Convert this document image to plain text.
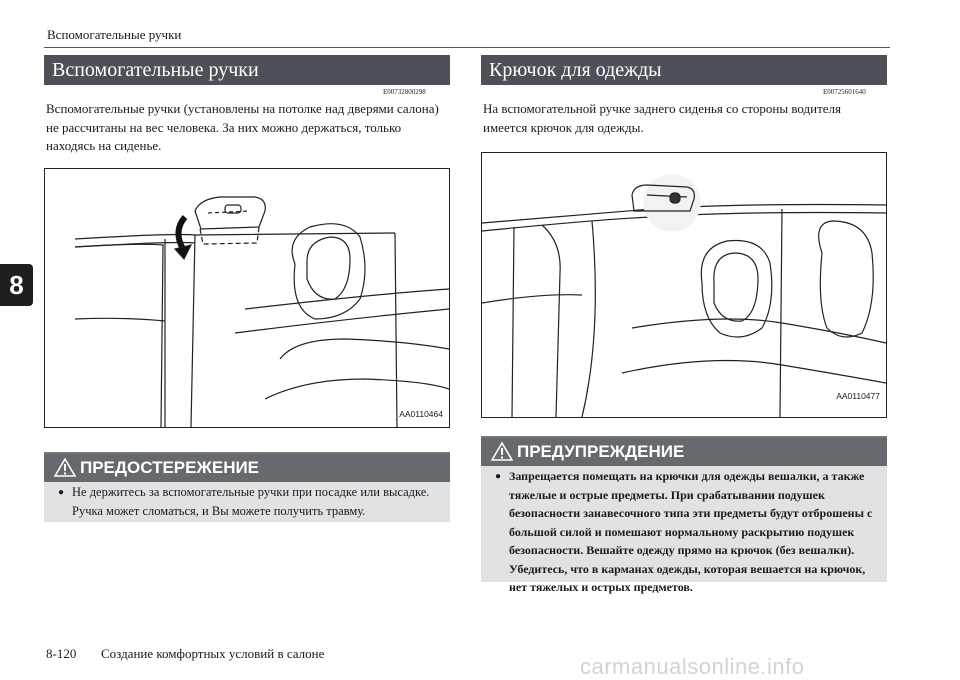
Вспомогательные ручки
8
Вспомогательные ручки
E00732800298
Вспомогательные ручки (установлены на потолке над дверями салона) не рассчитаны на вес человека. За них можно держаться, только находясь на сиденье.
AA0110464
ПРЕДОСТЕРЕЖЕНИЕ
● Не держитесь за вспомогательные ручки при посадке или высадке. Ручка может сломаться, и Вы можете получить травму.
Крючок для одежды
E00725601640
На вспомогательной ручке заднего сиденья со стороны водителя имеется крючок для одежды.
AA0110477
ПРЕДУПРЕЖДЕНИЕ
● Запрещается помещать на крючки для одежды вешалки, а также тяжелые и острые предметы. При срабатывании подушек безопасности занавесочного типа эти предметы будут отброшены с большой силой и помешают нормальному раскрытию подушек безопасности. Вешайте одежду прямо на крючок (без вешалки). Убедитесь, что в карманах одежды, которая вешается на крючок, нет тяжелых и острых предметов.
8-120 Создание комфортных условий в салоне
carmanualsonline.info
